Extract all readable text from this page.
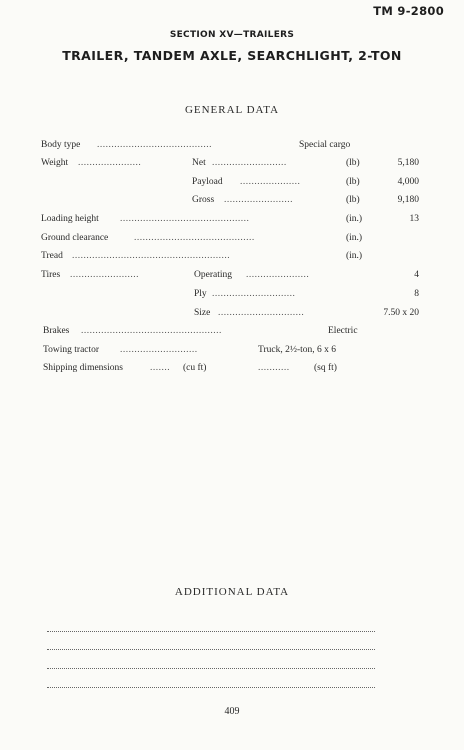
TM 9-2800
SECTION XV—TRAILERS
TRAILER, TANDEM AXLE, SEARCHLIGHT, 2-TON
GENERAL DATA
Body type ........................................	Special cargo
Weight ......................	Net ..........................	(lb)	5,180
Payload .....................	(lb)	4,000
Gross ........................	(lb)	9,180
Loading height .............................................	(in.)	13
Ground clearance	..........................................	(in.)
Tread .......................................................	(in.)
Tires ........................	Operating ......................	4
Ply .............................	8
Size ..............................	7.50 x 20
Brakes .................................................	Electric
Towing tractor ...........................	Truck, 2½-ton, 6 x 6
Shipping dimensions	.......	(cu ft)	...........	(sq ft)
ADDITIONAL DATA
409
